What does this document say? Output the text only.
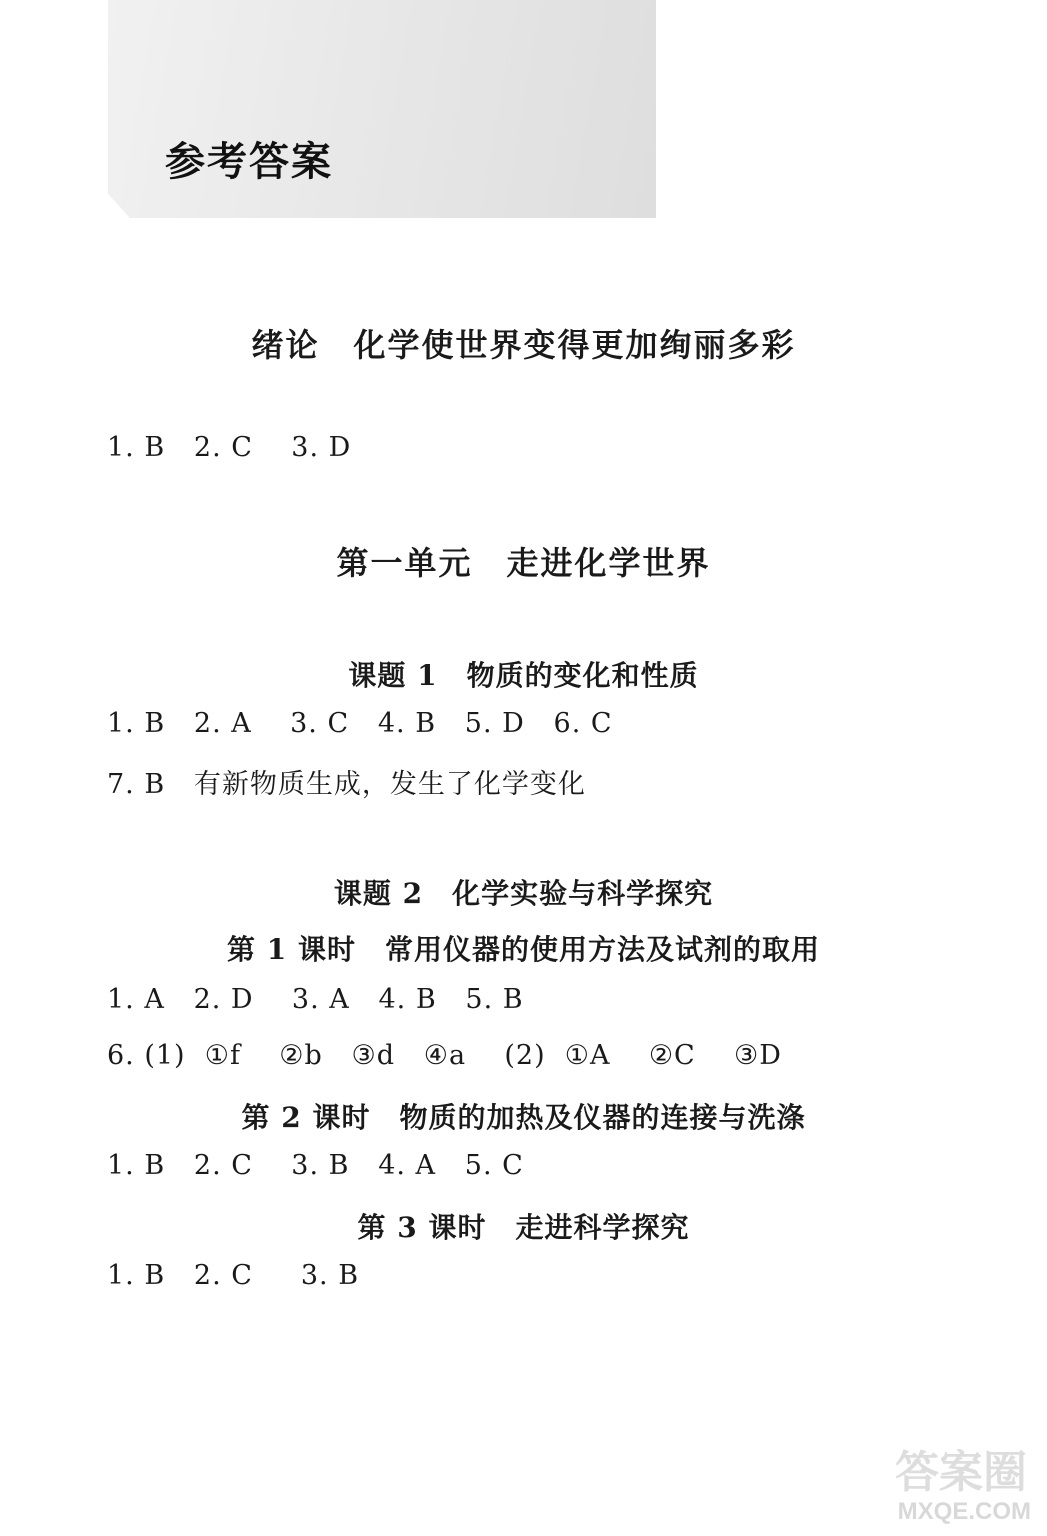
参考答案
绪论　化学使世界变得更加绚丽多彩
1. B   2. C    3. D
第一单元　走进化学世界
课题 1　物质的变化和性质
1. B   2. A    3. C   4. B   5. D   6. C
7. B   有新物质生成，发生了化学变化
课题 2　化学实验与科学探究
第 1 课时　常用仪器的使用方法及试剂的取用
1. A   2. D    3. A   4. B   5. B
6. (1)  ①f    ②b   ③d   ④a    (2)  ①A    ②C    ③D
第 2 课时　物质的加热及仪器的连接与洗涤
1. B   2. C    3. B   4. A   5. C
第 3 课时　走进科学探究
1. B   2. C     3. B
答案圈
MXQE.COM
